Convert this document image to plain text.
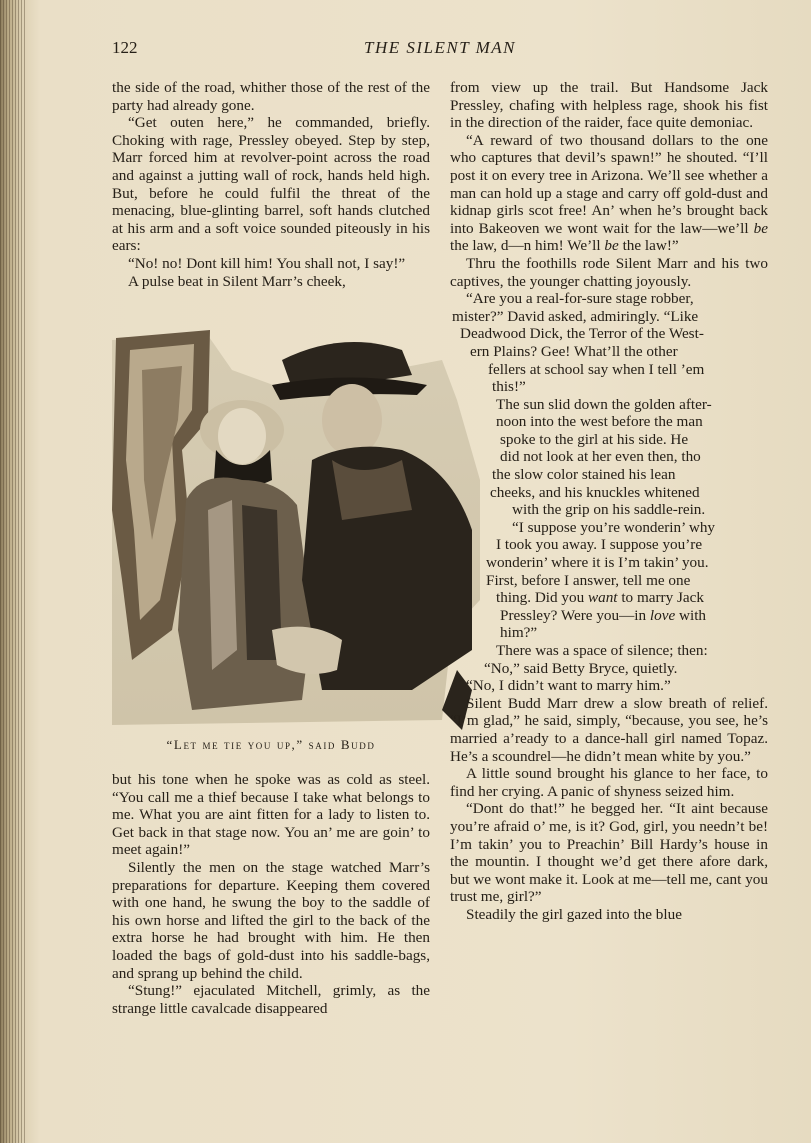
122	THE SILENT MAN

the side of the road, whither those of the rest of the party had already gone.

“Get outen here,” he commanded, briefly. Choking with rage, Pressley obeyed. Step by step, Marr forced him at revolver-point across the road and against a jutting wall of rock, hands held high. But, before he could fulfil the threat of the menacing, blue-glinting barrel, soft hands clutched at his arm and a soft voice sounded piteously in his ears:

“No! no! Dont kill him! You shall not, I say!”

A pulse beat in Silent Marr’s cheek,

“Let me tie you up,” said Budd

but his tone when he spoke was as cold as steel. “You call me a thief because I take what belongs to me. What you are aint fitten for a lady to listen to. Get back in that stage now. You an’ me are goin’ to meet again!”

Silently the men on the stage watched Marr’s preparations for departure. Keeping them covered with one hand, he swung the boy to the saddle of his own horse and lifted the girl to the back of the extra horse he had brought with him. He then loaded the bags of gold-dust into his saddle-bags, and sprang up behind the child.

“Stung!” ejaculated Mitchell, grimly, as the strange little cavalcade disappeared

from view up the trail. But Handsome Jack Pressley, chafing with helpless rage, shook his fist in the direction of the raider, face quite demoniac.

“A reward of two thousand dollars to the one who captures that devil’s spawn!” he shouted. “I’ll post it on every tree in Arizona. We’ll see whether a man can hold up a stage and carry off gold-dust and kidnap girls scot free! An’ when he’s brought back into Bakeoven we wont wait for the law—we’ll be the law, d—n him! We’ll be the law!”

Thru the foothills rode Silent Marr and his two captives, the younger chatting joyously.

“Are you a real-for-sure stage robber,
mister?” David asked, admiringly. “Like
Deadwood Dick, the Terror of the West-
ern Plains? Gee! What’ll the other
fellers at school say when I tell ’em
this!”
The sun slid down the golden after-
noon into the west before the man
spoke to the girl at his side. He
did not look at her even then, tho
the slow color stained his lean
cheeks, and his knuckles whitened
with the grip on his saddle-rein.
“I suppose you’re wonderin’ why
I took you away. I suppose you’re
wonderin’ where it is I’m takin’ you.
First, before I answer, tell me one
thing. Did you want to marry Jack
Pressley? Were you—in love with
him?”
There was a space of silence; then:
“No,” said Betty Bryce, quietly.

“No, I didn’t want to marry him.”

Silent Budd Marr drew a slow breath of relief. “I’m glad,” he said, simply, “because, you see, he’s married a’ready to a dance-hall girl named Topaz. He’s a scoundrel—he didn’t mean white by you.”

A little sound brought his glance to her face, to find her crying. A panic of shyness seized him.

“Dont do that!” he begged her. “It aint because you’re afraid o’ me, is it? God, girl, you needn’t be! I’m takin’ you to Preachin’ Bill Hardy’s house in the mountin. I thought we’d get there afore dark, but we wont make it. Look at me—tell me, cant you trust me, girl?”

Steadily the girl gazed into the blue
